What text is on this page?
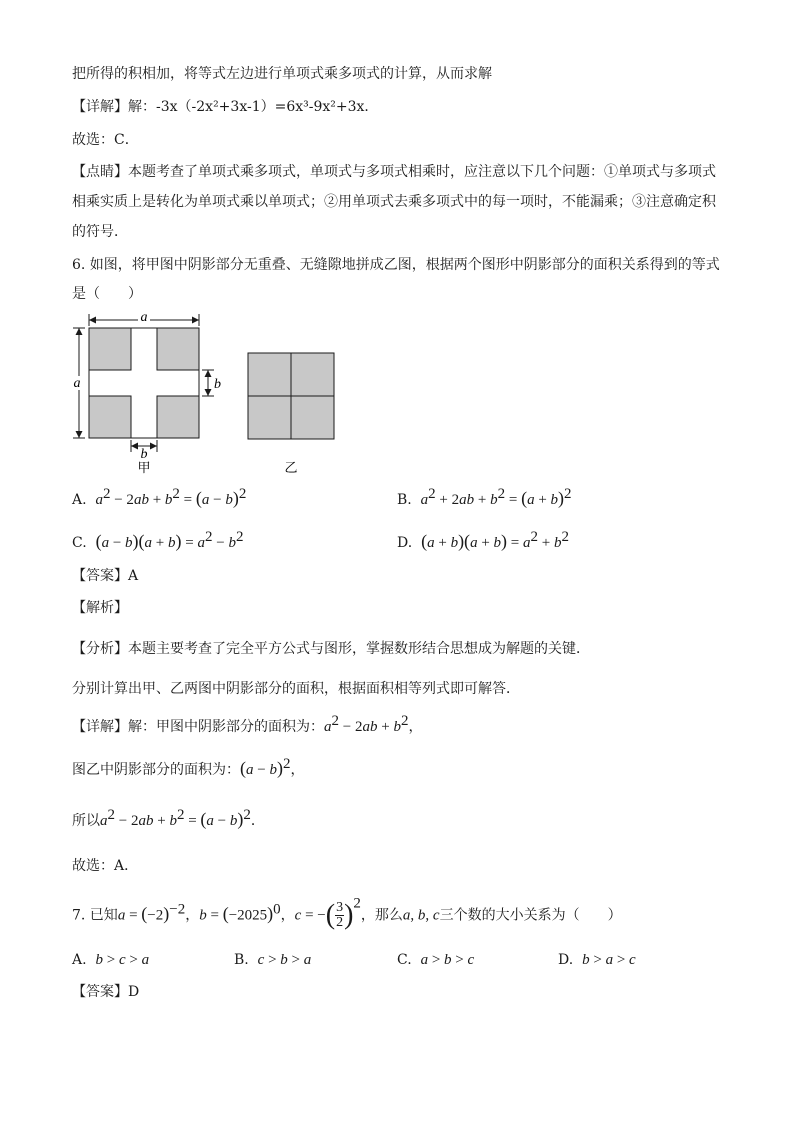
把所得的积相加，将等式左边进行单项式乘多项式的计算，从而求解
【详解】解：-3x（-2x²+3x-1）=6x³-9x²+3x．
故选：C．
【点睛】本题考查了单项式乘多项式，单项式与多项式相乘时，应注意以下几个问题：①单项式与多项式
相乘实质上是转化为单项式乘以单项式；②用单项式去乘多项式中的每一项时，不能漏乘；③注意确定积
的符号．
6. 如图，将甲图中阴影部分无重叠、无缝隙地拼成乙图，根据两个图形中阴影部分的面积关系得到的等式
是（　　）
a
a	b
b
甲	乙
A. $a^2 - 2ab + b^2 = (a - b)^2$	B. $a^2 + 2ab + b^2 = (a + b)^2$
C. $(a - b)(a + b) = a^2 - b^2$	D. $(a + b)(a + b) = a^2 + b^2$
【答案】A
【解析】
【分析】本题主要考查了完全平方公式与图形，掌握数形结合思想成为解题的关键．
分别计算出甲、乙两图中阴影部分的面积，根据面积相等列式即可解答．
【详解】解：甲图中阴影部分的面积为：$a^2 - 2ab + b^2$，
图乙中阴影部分的面积为：$(a - b)^2$，
所以$a^2 - 2ab + b^2 = (a - b)^2$．
故选：A．
7. 已知$a = (-2)^{-2}$，$b = (-2025)^0$，c = −( $\frac{3}{2} )^2$，那么a, b, c三个数的大小关系为（　　）
A. b > c > a	B. c > b > a	C. a > b > c	D. b > a > c
【答案】D
